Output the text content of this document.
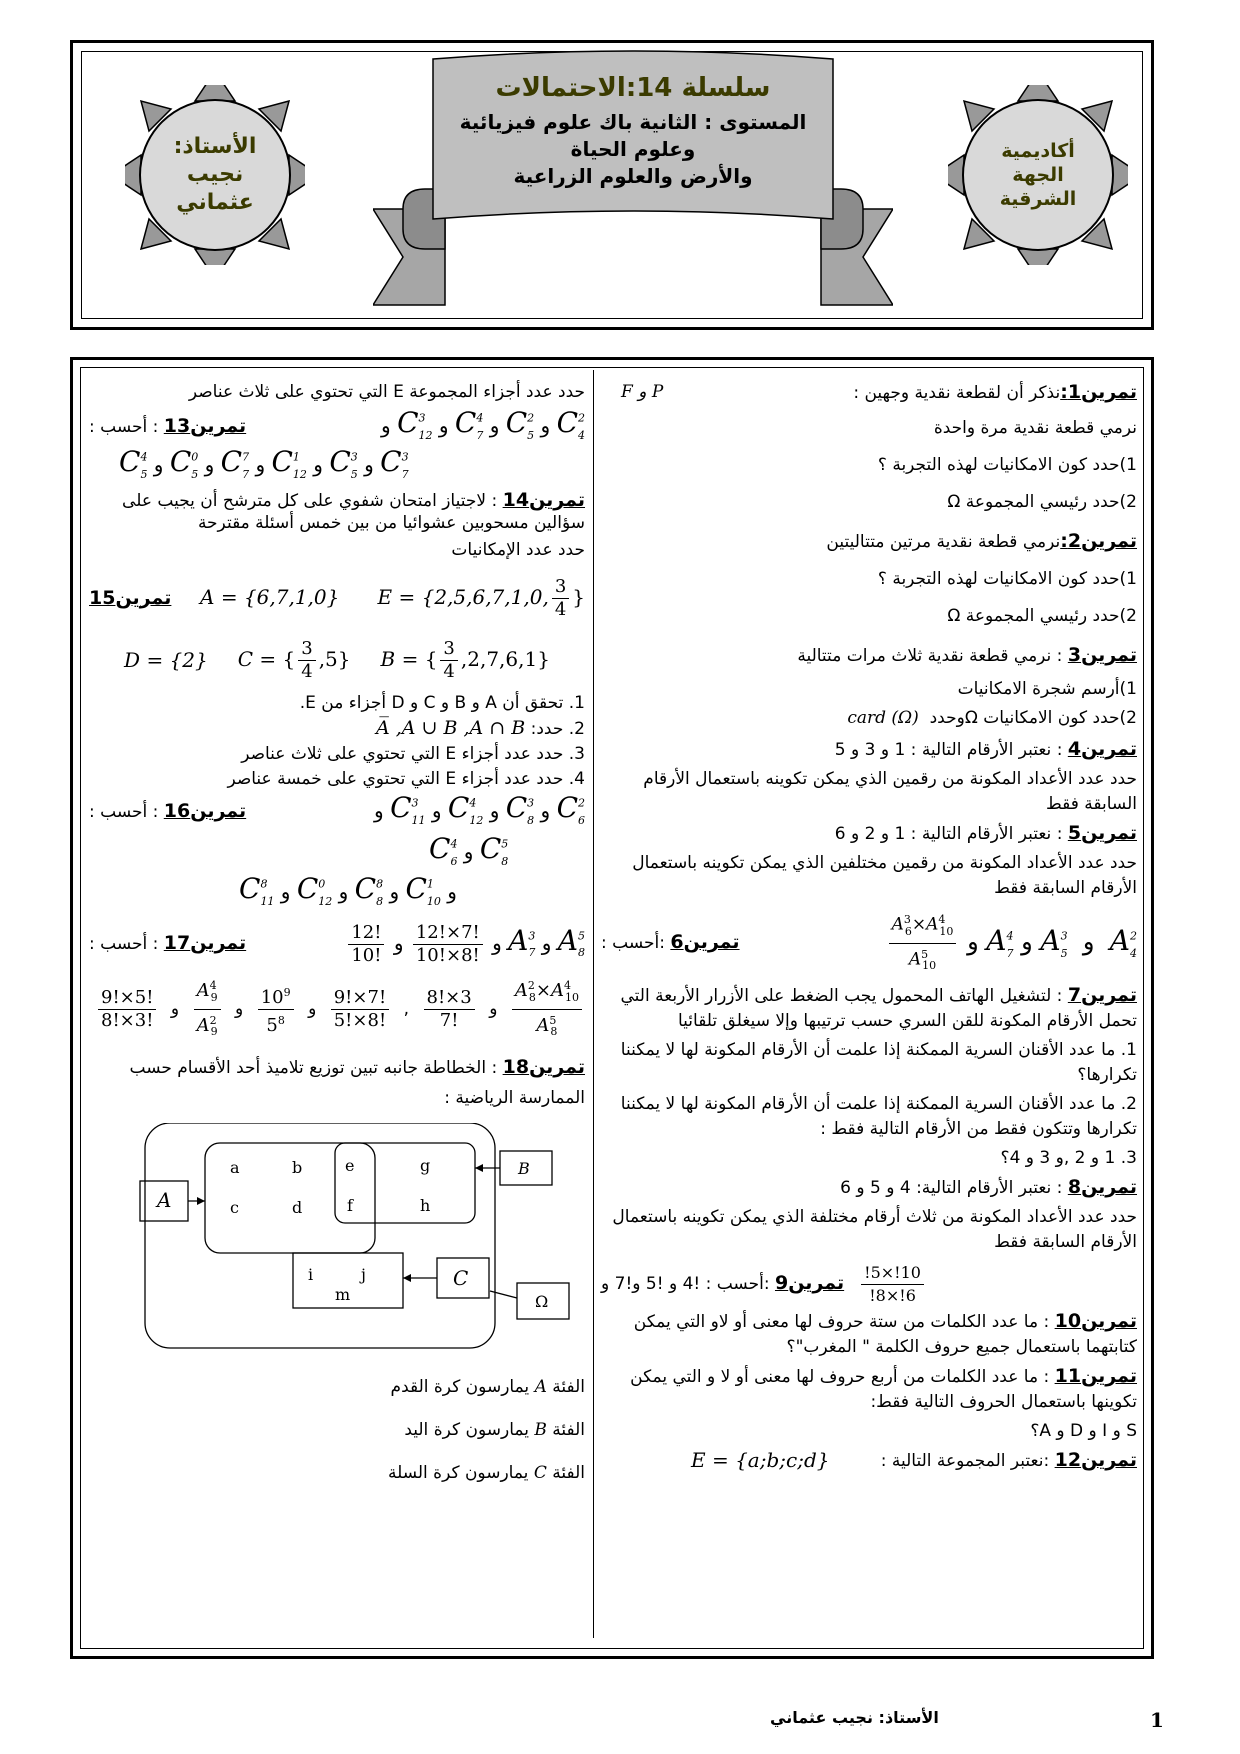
أكاديمية
الجهة
الشرقية
الأستاذ:
نجيب
عثماني
سلسلة 14:الاحتمالات
المستوى : الثانية باك علوم فيزيائية وعلوم الحياة
والأرض والعلوم الزراعية

تمرين1:نذكر أن لقطعة نقدية وجهين :
F و P

نرمي قطعة نقدية مرة واحدة

1)حدد كون الامكانيات لهذه التجربة ؟

2)حدد رئيسي المجموعة Ω

تمرين2:نرمي قطعة نقدية مرتين متتاليتين

1)حدد كون الامكانيات لهذه التجربة ؟

2)حدد رئيسي المجموعة Ω

تمرين3 : نرمي قطعة نقدية ثلاث مرات متتالية

1)أرسم شجرة الامكانيات

2)حدد كون الامكانيات Ωوحدد  card (Ω)

تمرين4 : نعتبر الأرقام التالية : 1 و 3 و 5

حدد عدد الأعداد المكونة من رقمين الذي يمكن تكوينه باستعمال الأرقام السابقة فقط

تمرين5 : نعتبر الأرقام التالية : 1 و 2 و 6

حدد عدد الأعداد المكونة من رقمين مختلفين الذي يمكن تكوينه باستعمال الأرقام السابقة فقط

تمرين6 :أحسب :	$\frac{A^3_6\times A^4_{10}}{A^5_{10}}$ و $A^4_7$ و $A^3_5$  و  $A^2_4$

تمرين7 : لتشغيل الهاتف المحمول يجب الضغط على الأزرار الأربعة التي تحمل الأرقام المكونة للقن السري حسب ترتيبها وإلا سيغلق تلقائيا

1. ما عدد الأقنان السرية الممكنة إذا علمت أن الأرقام المكونة لها لا يمكننا تكرارها؟

2. ما عدد الأقنان السرية الممكنة إذا علمت أن الأرقام المكونة لها لا يمكننا تكرارها وتتكون فقط من الأرقام التالية فقط :

3. 1 و 2 ,و 3 و 4؟

تمرين8 : نعتبر الأرقام التالية: 4 و 5 و 6

حدد عدد الأعداد المكونة من ثلاث أرقام مختلفة الذي يمكن تكوينه باستعمال الأرقام السابقة فقط

تمرين9 :أحسب : !4 و !5 و!7 و	$\frac{10!\times 5!}{6!\times 8!}$

تمرين10 : ما عدد الكلمات من ستة حروف لها معنى أو لاو التي يمكن كتابتهما باستعمال جميع حروف الكلمة " المغرب"؟

تمرين11 : ما عدد الكلمات من أربع حروف لها معنى أو لا و التي يمكن تكوينها باستعمال الحروف التالية فقط:

S و I و D و A؟

تمرين12 :نعتبر المجموعة التالية :
E = {a;b;c;d}

حدد عدد أجزاء المجموعة E التي تحتوي على ثلاث عناصر

تمرين13 : أحسب :	و $C^3_{12}$ و $C^4_7$ و $C^2_5$ و $C^2_4$
$C^4_5$ و $C^0_5$ و $C^7_7$ و $C^1_{12}$ و $C^3_5$ و $C^3_7$

تمرين14 : لاجتياز امتحان شفوي على كل مترشح أن يجيب على سؤالين مسحوبين عشوائيا من بين خمس أسئلة مقترحة

حدد عدد الإمكانيات

تمرين15 A = {6,7,1,0} E = {2,5,6,7,1,0, $\frac{3}{4}$ }
D = {2} C = { $\frac{3}{4} ,5$} B = { $\frac{3}{4} ,2,7,6,1$}

1. تحقق أن A و B و C و D أجزاء من E.

2. حدد: A̅ ,A ∪ B ,A ∩ B

3. حدد عدد أجزاء E التي تحتوي على ثلاث عناصر

4. حدد عدد أجزاء E التي تحتوي على خمسة عناصر

تمرين16 : أحسب :	و $C^3_{11}$ و $C^4_{12}$ و $C^3_8$ و $C^2_6$
$C^4_6$ و $C^5_8$
$C^8_{11}$ و $C^0_{12}$ و $C^8_8$ و $C^1_{10}$ و
تمرين17 : أحسب :	$\frac{12!}{10!}$ و
$\frac{12!\times 7!}{10!\times 8!}$
و $A^3_7$ و $A^5_8$
$\frac{9!\times 5!}{8!\times 3!}$ و $\frac{A^4_9}{A^2_9}$ و $\frac{10^9}{5^8}$ و $\frac{9!\times 7!}{5!\times 8!}$ , $\frac{8!\times 3}{7!}$ و $\frac{A^2_8\times A^4_{10}}{A^5_8}$

تمرين18 : الخطاطة جانبه تبين توزيع تلاميذ أحد الأقسام حسب الممارسة الرياضية :

A
B
C
Ω
a	b	e	g
c	d	f	h
i	j
m

الفئة A يمارسون كرة القدم

الفئة B يمارسون كرة اليد

الفئة C يمارسون كرة السلة

الأستاذ: نجيب عثماني	1
